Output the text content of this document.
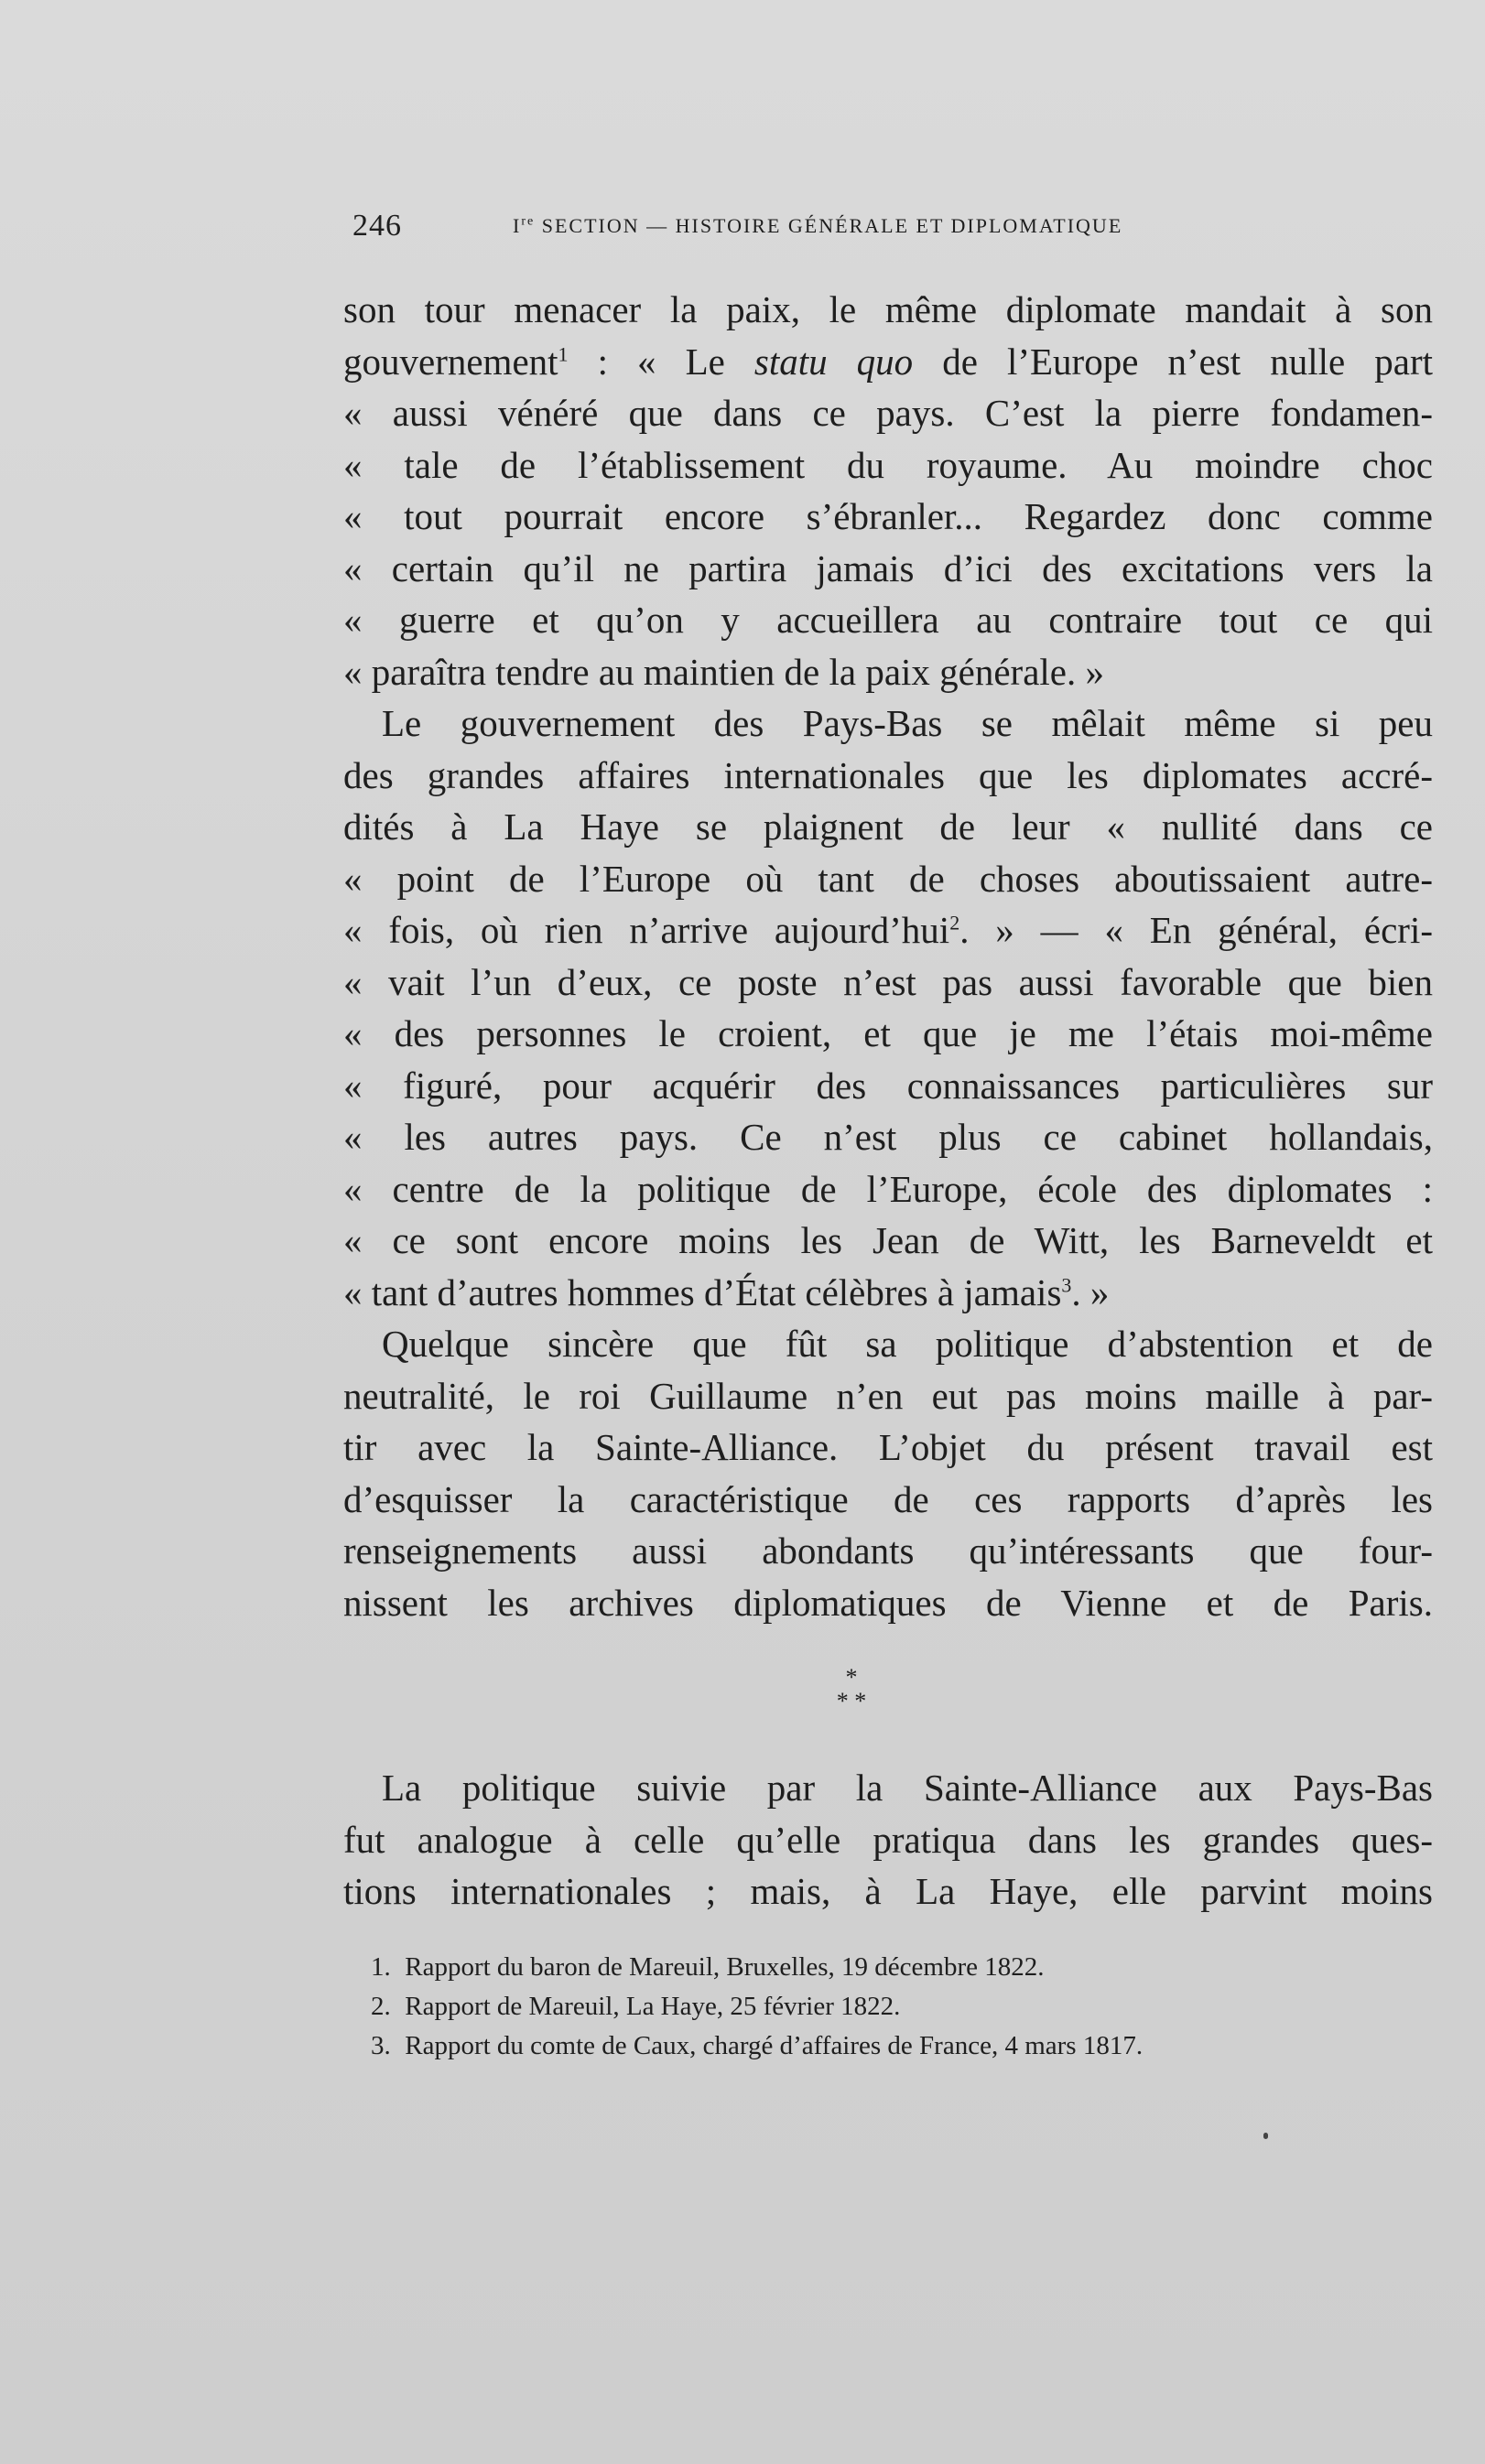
246	Ire SECTION — HISTOIRE GÉNÉRALE ET DIPLOMATIQUE
son tour menacer la paix, le même diplomate mandait à son
gouvernement$^1$ : « Le statu quo de l’Europe n’est nulle part
« aussi vénéré que dans ce pays. C’est la pierre fondamen-
« tale de l’établissement du royaume. Au moindre choc
« tout pourrait encore s’ébranler... Regardez donc comme
« certain qu’il ne partira jamais d’ici des excitations vers la
« guerre et qu’on y accueillera au contraire tout ce qui
« paraîtra tendre au maintien de la paix générale. »
Le gouvernement des Pays-Bas se mêlait même si peu
des grandes affaires internationales que les diplomates accré-
dités à La Haye se plaignent de leur « nullité dans ce
« point de l’Europe où tant de choses aboutissaient autre-
« fois, où rien n’arrive aujourd’hui$^2$. » — « En général, écri-
« vait l’un d’eux, ce poste n’est pas aussi favorable que bien
« des personnes le croient, et que je me l’étais moi-même
« figuré, pour acquérir des connaissances particulières sur
« les autres pays. Ce n’est plus ce cabinet hollandais,
« centre de la politique de l’Europe, école des diplomates :
« ce sont encore moins les Jean de Witt, les Barneveldt et
« tant d’autres hommes d’État célèbres à jamais$^3$. »
Quelque sincère que fût sa politique d’abstention et de
neutralité, le roi Guillaume n’en eut pas moins maille à par-
tir avec la Sainte-Alliance. L’objet du présent travail est
d’esquisser la caractéristique de ces rapports d’après les
renseignements aussi abondants qu’intéressants que four-
nissent les archives diplomatiques de Vienne et de Paris.
*
* *
La politique suivie par la Sainte-Alliance aux Pays-Bas
fut analogue à celle qu’elle pratiqua dans les grandes ques-
tions internationales ; mais, à La Haye, elle parvint moins
1. Rapport du baron de Mareuil, Bruxelles, 19 décembre 1822.
2. Rapport de Mareuil, La Haye, 25 février 1822.
3. Rapport du comte de Caux, chargé d’affaires de France, 4 mars 1817.
